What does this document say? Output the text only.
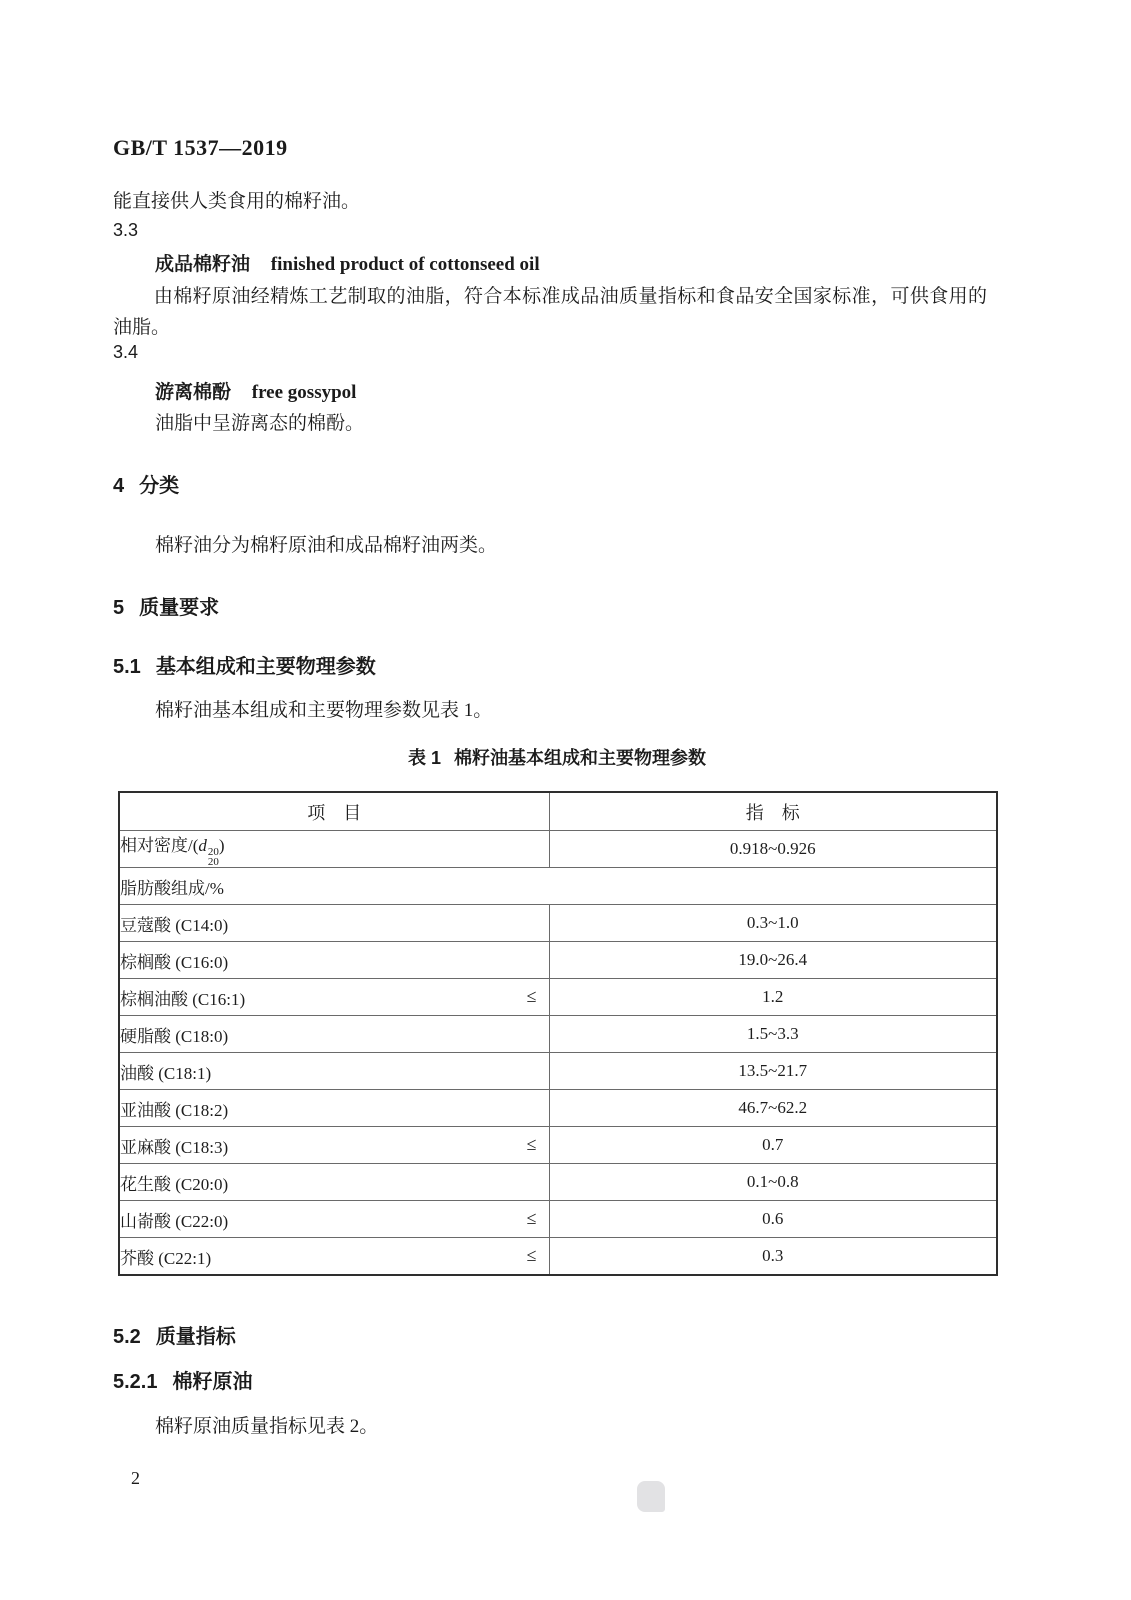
GB/T 1537—2019
能直接供人类食用的棉籽油。
3.3
成品棉籽油 finished product of cottonseed oil
由棉籽原油经精炼工艺制取的油脂，符合本标准成品油质量指标和食品安全国家标准，可供食用的油脂。
3.4
游离棉酚 free gossypol
油脂中呈游离态的棉酚。
4 分类
棉籽油分为棉籽原油和成品棉籽油两类。
5 质量要求
5.1 基本组成和主要物理参数
棉籽油基本组成和主要物理参数见表 1。
表 1 棉籽油基本组成和主要物理参数
项　目	指　标
相对密度/(d 20
20
)	0.918~0.926
脂肪酸组成/%	
豆蔻酸 (C14:0)	0.3~1.0
棕榈酸 (C16:0)	19.0~26.4
棕榈油酸 (C16:1) ≤	1.2
硬脂酸 (C18:0)	1.5~3.3
油酸 (C18:1)	13.5~21.7
亚油酸 (C18:2)	46.7~62.2
亚麻酸 (C18:3) ≤	0.7
花生酸 (C20:0)	0.1~0.8
山嵛酸 (C22:0) ≤	0.6
芥酸 (C22:1) ≤	0.3
5.2 质量指标
5.2.1 棉籽原油
棉籽原油质量指标见表 2。
2
